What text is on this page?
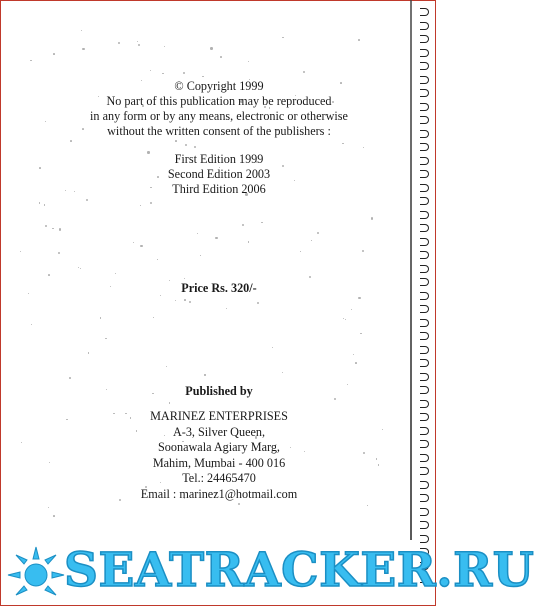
© Copyright 1999
No part of this publication may be reproduced
in any form or by any means, electronic or otherwise
without the written consent of the publishers :
First Edition 1999
Second Edition 2003
Third Edition 2006
Price Rs. 320/-
Published by
MARINEZ ENTERPRISES
A-3, Silver Queen,
Soonawala Agiary Marg,
Mahim, Mumbai - 400 016
Tel.: 24465470
Email : marinez1@hotmail.com
SEATRACKER.RU
